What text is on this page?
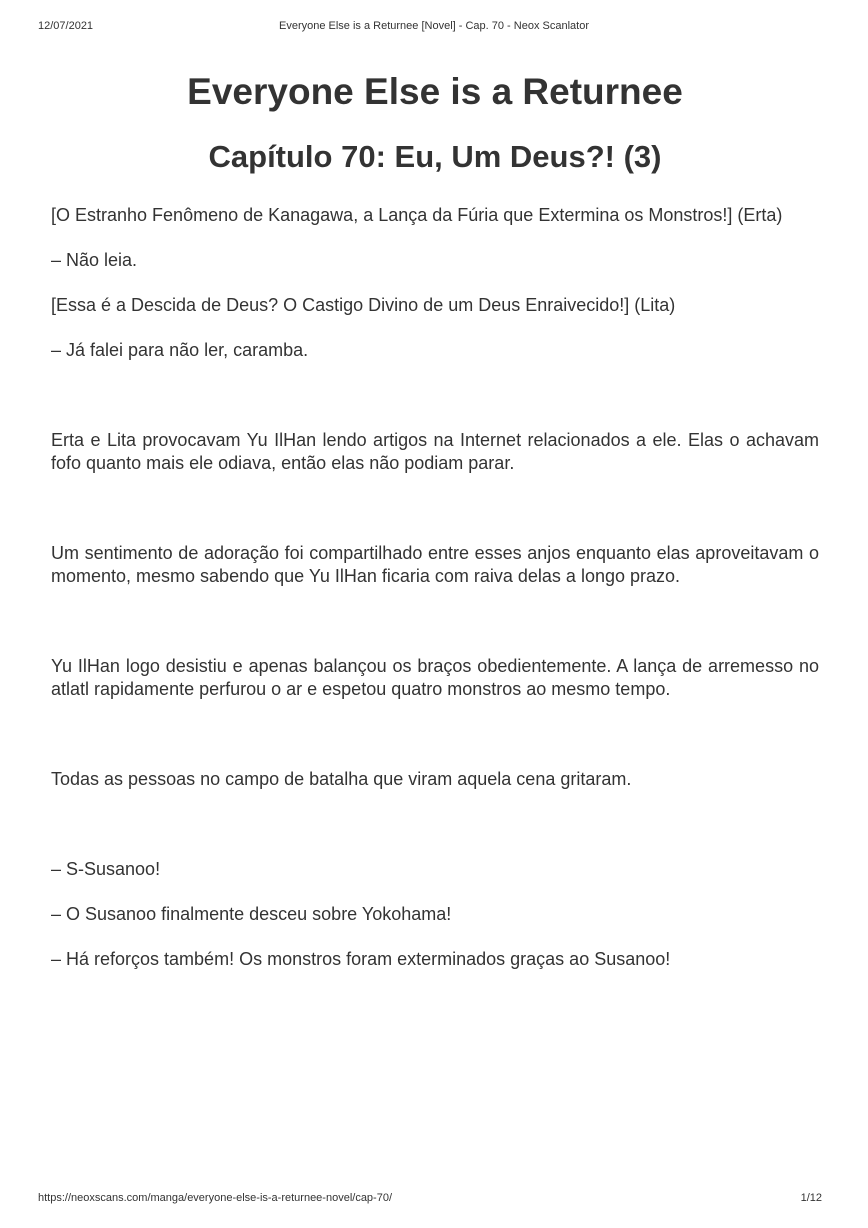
12/07/2021	Everyone Else is a Returnee [Novel] - Cap. 70 - Neox Scanlator
Everyone Else is a Returnee
Capítulo 70: Eu, Um Deus?! (3)

[O Estranho Fenômeno de Kanagawa, a Lança da Fúria que Extermina os Monstros!] (Erta)

– Não leia.

[Essa é a Descida de Deus? O Castigo Divino de um Deus Enraivecido!] (Lita)

– Já falei para não ler, caramba.

Erta e Lita provocavam Yu IlHan lendo artigos na Internet relacionados a ele. Elas o achavam fofo quanto mais ele odiava, então elas não podiam parar.

Um sentimento de adoração foi compartilhado entre esses anjos enquanto elas aproveitavam o momento, mesmo sabendo que Yu IlHan ficaria com raiva delas a longo prazo.

Yu IlHan logo desistiu e apenas balançou os braços obedientemente. A lança de arremesso no atlatl rapidamente perfurou o ar e espetou quatro monstros ao mesmo tempo.

Todas as pessoas no campo de batalha que viram aquela cena gritaram.

– S-Susanoo!

– O Susanoo finalmente desceu sobre Yokohama!

– Há reforços também! Os monstros foram exterminados graças ao Susanoo!

https://neoxscans.com/manga/everyone-else-is-a-returnee-novel/cap-70/	1/12
